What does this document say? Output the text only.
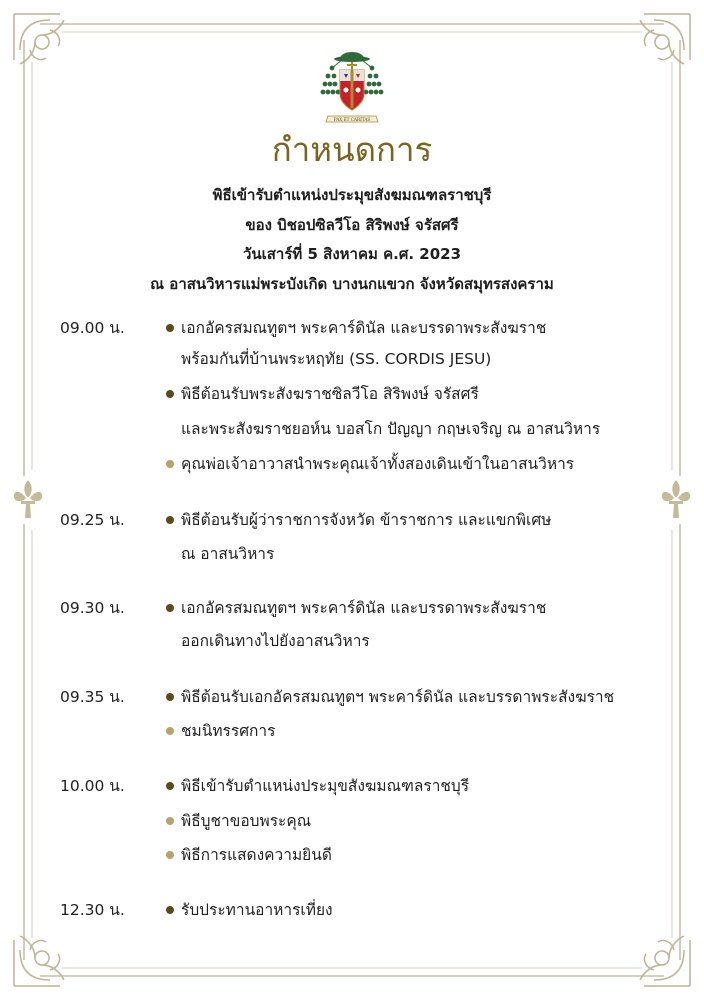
PAX ET CARITAS
กำหนดการ
พิธีเข้ารับตำแหน่งประมุขสังฆมณฑลราชบุรี
ของ บิชอปซิลวีโอ สิริพงษ์ จรัสศรี
วันเสาร์ที่ 5 สิงหาคม ค.ศ. 2023
ณ อาสนวิหารแม่พระบังเกิด บางนกแขวก จังหวัดสมุทรสงคราม
09.00 น.	เอกอัครสมณทูตฯ พระคาร์ดินัล และบรรดาพระสังฆราช
พร้อมกันที่บ้านพระหฤทัย (SS. CORDIS JESU)
พิธีต้อนรับพระสังฆราชซิลวีโอ สิริพงษ์ จรัสศรี
และพระสังฆราชยอห์น บอสโก ปัญญา กฤษเจริญ ณ อาสนวิหาร
คุณพ่อเจ้าอาวาสนำพระคุณเจ้าทั้งสองเดินเข้าในอาสนวิหาร
09.25 น.	พิธีต้อนรับผู้ว่าราชการจังหวัด ข้าราชการ และแขกพิเศษ
ณ อาสนวิหาร
09.30 น.	เอกอัครสมณทูตฯ พระคาร์ดินัล และบรรดาพระสังฆราช
ออกเดินทางไปยังอาสนวิหาร
09.35 น.	พิธีต้อนรับเอกอัครสมณทูตฯ พระคาร์ดินัล และบรรดาพระสังฆราช
ชมนิทรรศการ
10.00 น.	พิธีเข้ารับตำแหน่งประมุขสังฆมณฑลราชบุรี
พิธีบูชาขอบพระคุณ
พิธีการแสดงความยินดี
12.30 น.	รับประทานอาหารเที่ยง
